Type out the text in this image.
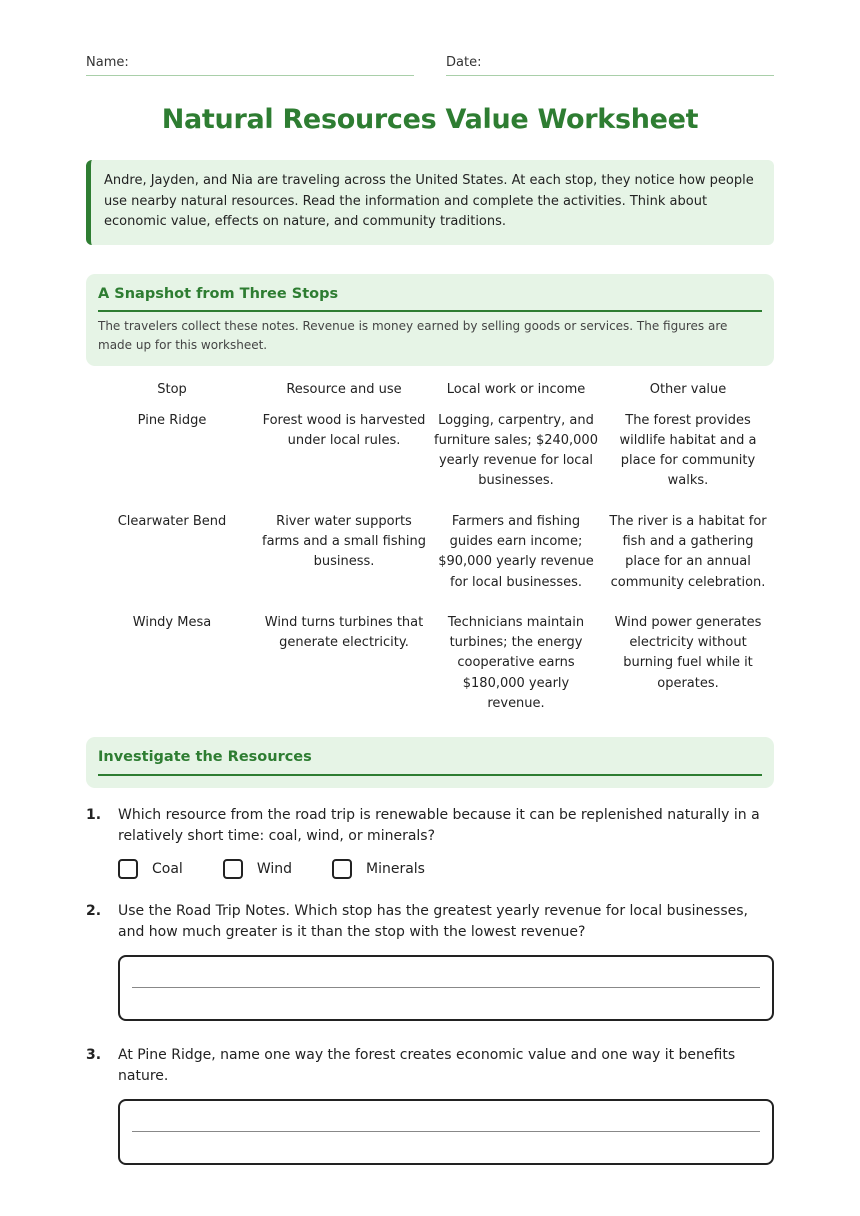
Name:	Date:
Natural Resources Value Worksheet
Andre, Jayden, and Nia are traveling across the United States. At each stop, they notice how people use nearby natural resources. Read the information and complete the activities. Think about economic value, effects on nature, and community traditions.
A Snapshot from Three Stops
The travelers collect these notes. Revenue is money earned by selling goods or services. The figures are made up for this worksheet.
Stop	Resource and use	Local work or income	Other value
Pine Ridge	Forest wood is harvested under local rules.	Logging, carpentry, and furniture sales; $240,000 yearly revenue for local businesses.	The forest provides wildlife habitat and a place for community walks.
Clearwater Bend	River water supports farms and a small fishing business.	Farmers and fishing guides earn income; $90,000 yearly revenue for local businesses.	The river is a habitat for fish and a gathering place for an annual community celebration.
Windy Mesa	Wind turns turbines that generate electricity.	Technicians maintain turbines; the energy cooperative earns $180,000 yearly revenue.	Wind power generates electricity without burning fuel while it operates.
Investigate the Resources
1.	Which resource from the road trip is renewable because it can be replenished naturally in a relatively short time: coal, wind, or minerals?
Coal	Wind	Minerals
2.	Use the Road Trip Notes. Which stop has the greatest yearly revenue for local businesses, and how much greater is it than the stop with the lowest revenue?
3.	At Pine Ridge, name one way the forest creates economic value and one way it benefits nature.
